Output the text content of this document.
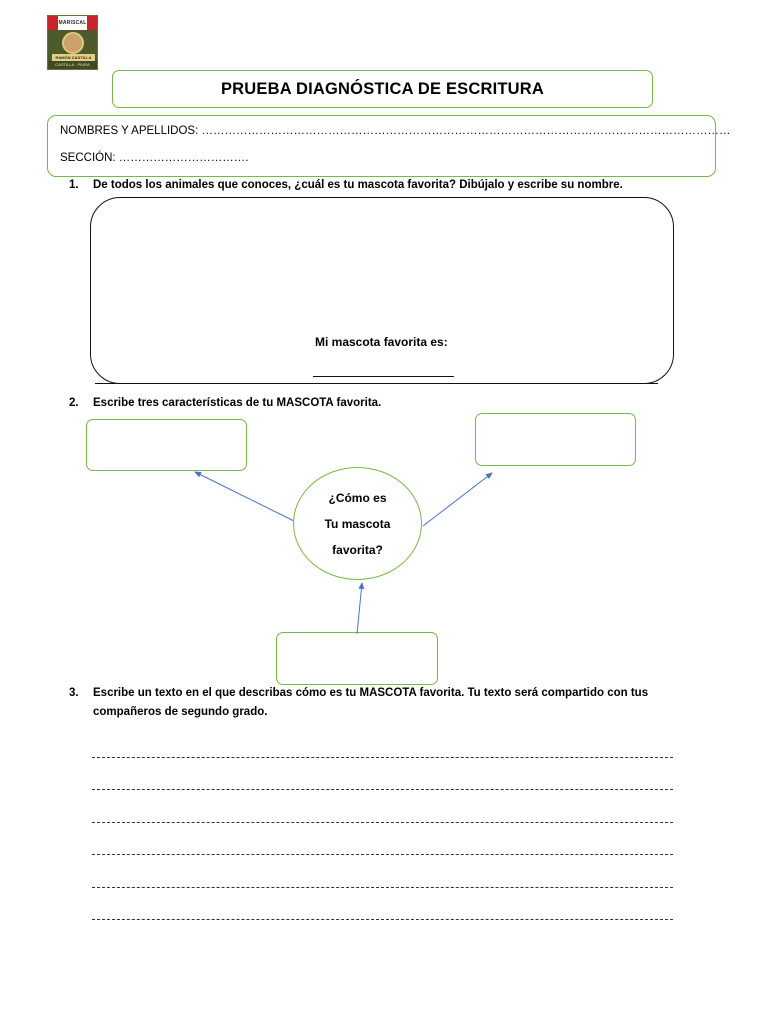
MARISCAL
RAMÓN CASTILLA
CASTILLA - PIURA
PRUEBA DIAGNÓSTICA DE ESCRITURA
NOMBRES Y APELLIDOS: …………………………………………………………………………………………………………………………
SECCIÓN: …………………………….
1. De todos los animales que conoces, ¿cuál es tu mascota favorita? Dibújalo y escribe su nombre.
Mi mascota favorita es:
2. Escribe tres características de tu MASCOTA favorita.
¿Cómo es
Tu mascota
favorita?
3. Escribe un texto en el que describas cómo es tu MASCOTA favorita. Tu texto será compartido con tus
compañeros de segundo grado.
